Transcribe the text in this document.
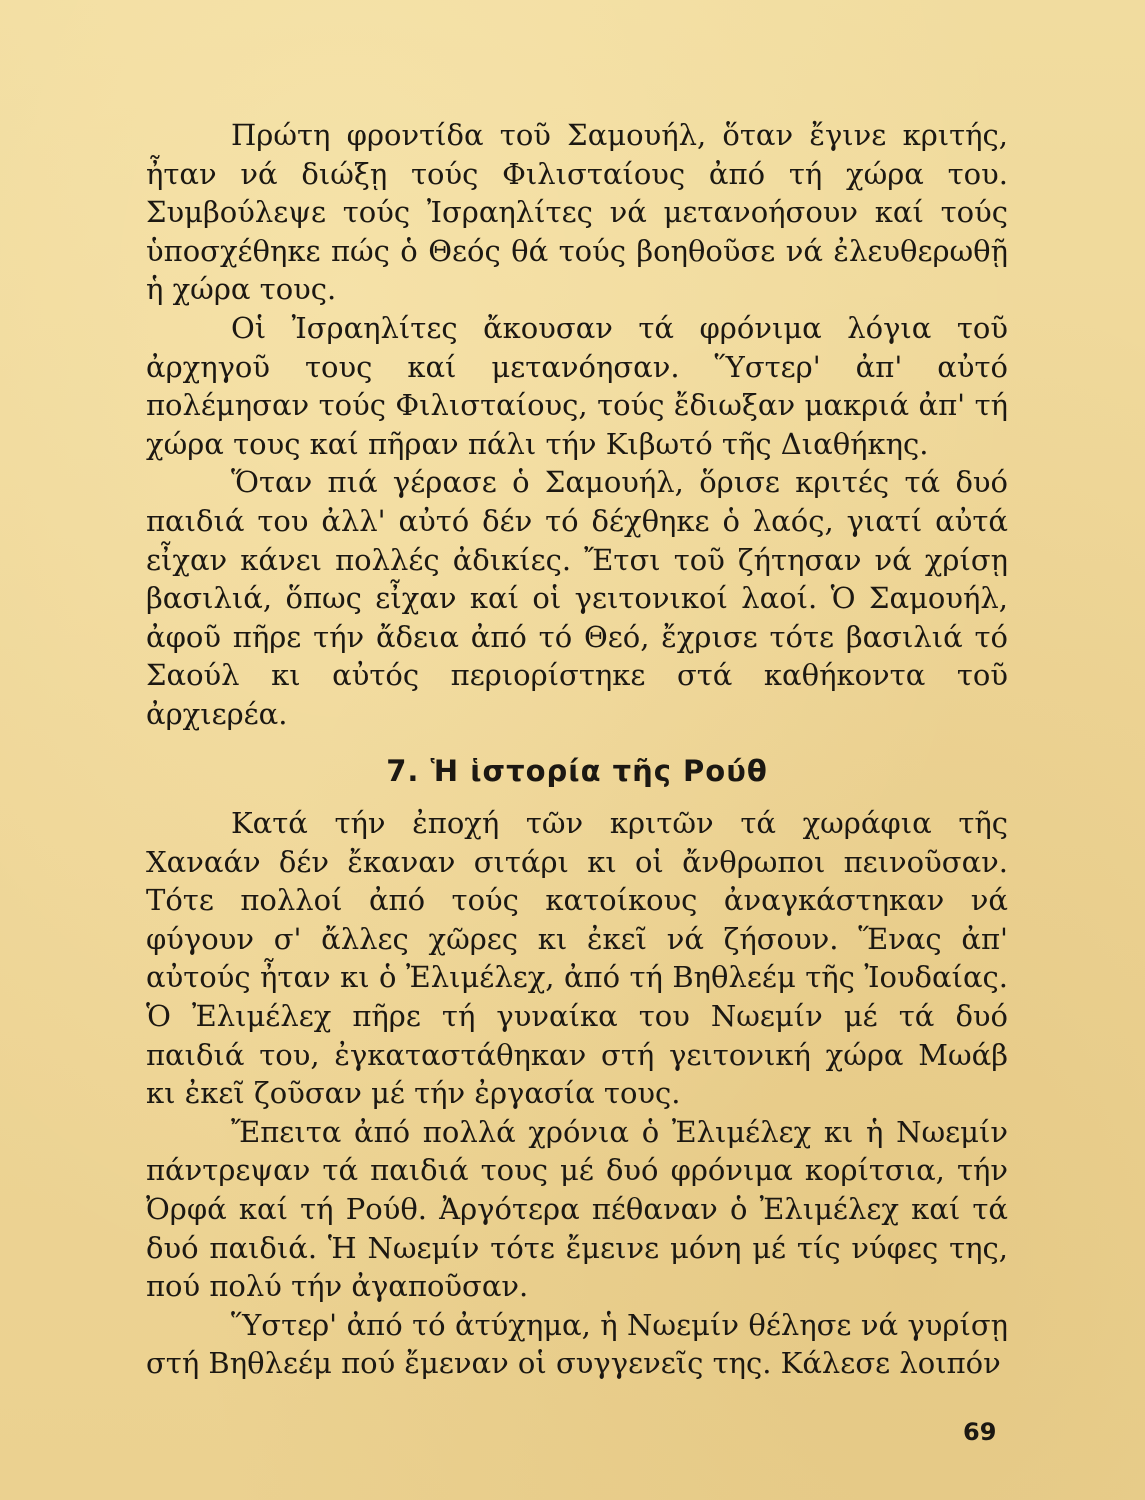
Πρώτη φροντίδα τοῦ Σαμουήλ, ὅταν ἔγινε κριτής, ἦταν νά διώξῃ τούς Φιλισταίους ἀπό τή χώρα του. Συμβούλεψε τούς Ἰσραηλίτες νά μετανοήσουν καί τούς ὑποσχέθηκε πώς ὁ Θεός θά τούς βοηθοῦσε νά ἐλευθερωθῇ ἡ χώρα τους.

Οἱ Ἰσραηλίτες ἄκουσαν τά φρόνιμα λόγια τοῦ ἀρχηγοῦ τους καί μετανόησαν. Ὕστερ' ἀπ' αὐτό πολέμησαν τούς Φιλισταίους, τούς ἔδιωξαν μακριά ἀπ' τή χώρα τους καί πῆραν πάλι τήν Κιβωτό τῆς Διαθήκης.

Ὅταν πιά γέρασε ὁ Σαμουήλ, ὅρισε κριτές τά δυό παιδιά του ἀλλ' αὐτό δέν τό δέχθηκε ὁ λαός, γιατί αὐτά εἶχαν κάνει πολλές ἀδικίες. Ἔτσι τοῦ ζήτησαν νά χρίσῃ βασιλιά, ὅπως εἶχαν καί οἱ γειτονικοί λαοί. Ὁ Σαμουήλ, ἀφοῦ πῆρε τήν ἄδεια ἀπό τό Θεό, ἔχρισε τότε βασιλιά τό Σαούλ κι αὐτός περιορίστηκε στά καθήκοντα τοῦ ἀρχιερέα.

7. Ἡ ἱστορία τῆς Ρούθ

Κατά τήν ἐποχή τῶν κριτῶν τά χωράφια τῆς Χαναάν δέν ἔκαναν σιτάρι κι οἱ ἄνθρωποι πεινοῦσαν. Τότε πολλοί ἀπό τούς κατοίκους ἀναγκάστηκαν νά φύγουν σ' ἄλλες χῶρες κι ἐκεῖ νά ζήσουν. Ἕνας ἀπ' αὐτούς ἦταν κι ὁ Ἐλιμέλεχ, ἀπό τή Βηθλεέμ τῆς Ἰουδαίας. Ὁ Ἐλιμέλεχ πῆρε τή γυναίκα του Νωεμίν μέ τά δυό παιδιά του, ἐγκαταστάθηκαν στή γειτονική χώρα Μωάβ κι ἐκεῖ ζοῦσαν μέ τήν ἐργασία τους.

Ἔπειτα ἀπό πολλά χρόνια ὁ Ἐλιμέλεχ κι ἡ Νωεμίν πάντρεψαν τά παιδιά τους μέ δυό φρόνιμα κορίτσια, τήν Ὀρφά καί τή Ρούθ. Ἀργότερα πέθαναν ὁ Ἐλιμέλεχ καί τά δυό παιδιά. Ἡ Νωεμίν τότε ἔμεινε μόνη μέ τίς νύφες της, πού πολύ τήν ἀγαποῦσαν.

Ὕστερ' ἀπό τό ἀτύχημα, ἡ Νωεμίν θέλησε νά γυρίσῃ στή Βηθλεέμ πού ἔμεναν οἱ συγγενεῖς της. Κάλεσε λοιπόν

69
